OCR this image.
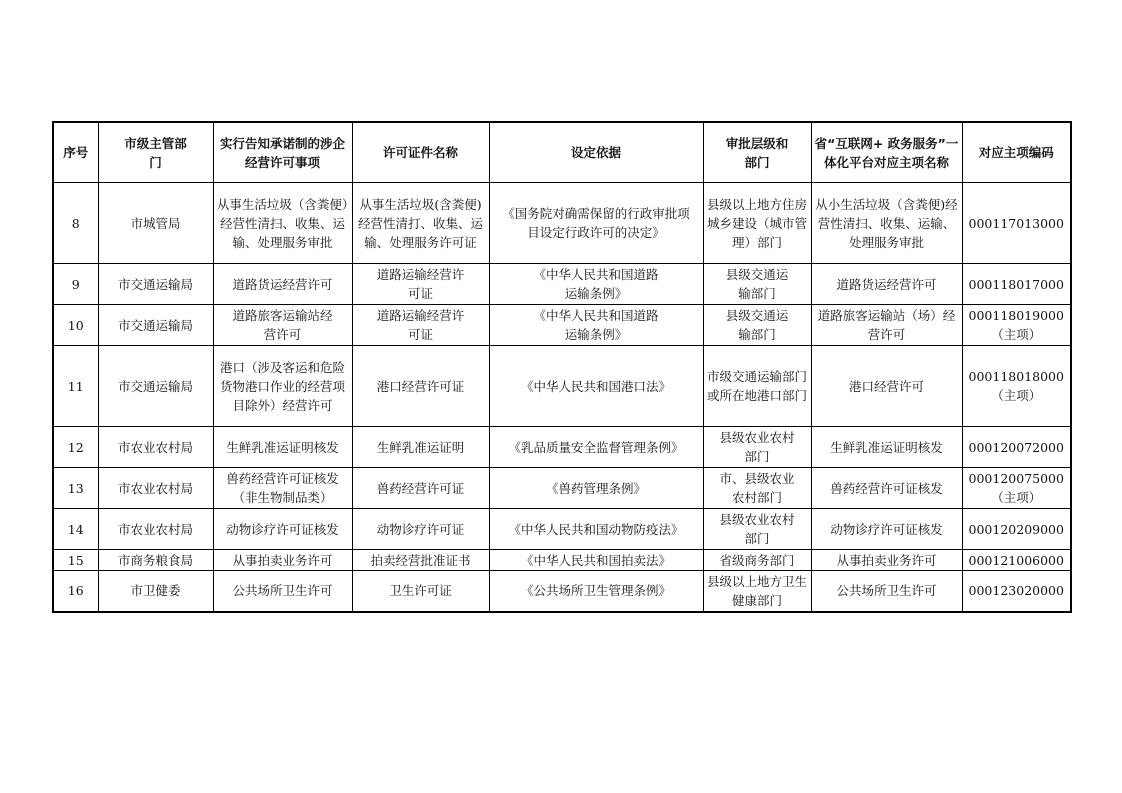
序号	市级主管部门	实行告知承诺制的涉企经营许可事项	许可证件名称	设定依据	审批层级和部门	省“互联网+ 政务服务”一体化平台对应主项名称	对应主项编码
8	市城管局	从事生活垃圾（含粪便）经营性清扫、收集、运输、处理服务审批	从事生活垃圾(含粪便)经营性清打、收集、运输、处理服务许可证	《国务院对确需保留的行政审批项目设定行政许可的决定》	县级以上地方住房城乡建设（城市管理）部门	从小生活垃圾（含粪便)经营性清扫、收集、运输、处理服务审批	000117013000
9	市交通运输局	道路货运经营许可	道路运输经营许可证	《中华人民共和国道路运输条例》	县级交通运输部门	道路货运经营许可	000118017000
10	市交通运输局	道路旅客运输站经营许可	道路运输经营许可证	《中华人民共和国道路运输条例》	县级交通运输部门	道路旅客运输站（场）经营许可	000118019000（主项）
11	市交通运输局	港口（涉及客运和危险货物港口作业的经营项目除外）经营许可	港口经营许可证	《中华人民共和国港口法》	市级交通运输部门或所在地港口部门	港口经营许可	000118018000（主项）
12	市农业农村局	生鲜乳准运证明核发	生鲜乳准运证明	《乳品质量安全监督管理条例》	县级农业农村部门	生鲜乳准运证明核发	000120072000
13	市农业农村局	兽药经营许可证核发（非生物制品类）	兽药经营许可证	《兽药管理条例》	市、县级农业农村部门	兽药经营许可证核发	000120075000（主项）
14	市农业农村局	动物诊疗许可证核发	动物诊疗许可证	《中华人民共和国动物防疫法》	县级农业农村部门	动物诊疗许可证核发	000120209000
15	市商务粮食局	从事拍卖业务许可	拍卖经营批准证书	《中华人民共和国拍卖法》	省级商务部门	从事拍卖业务许可	000121006000
16	市卫健委	公共场所卫生许可	卫生许可证	《公共场所卫生管理条例》	县级以上地方卫生健康部门	公共场所卫生许可	000123020000
